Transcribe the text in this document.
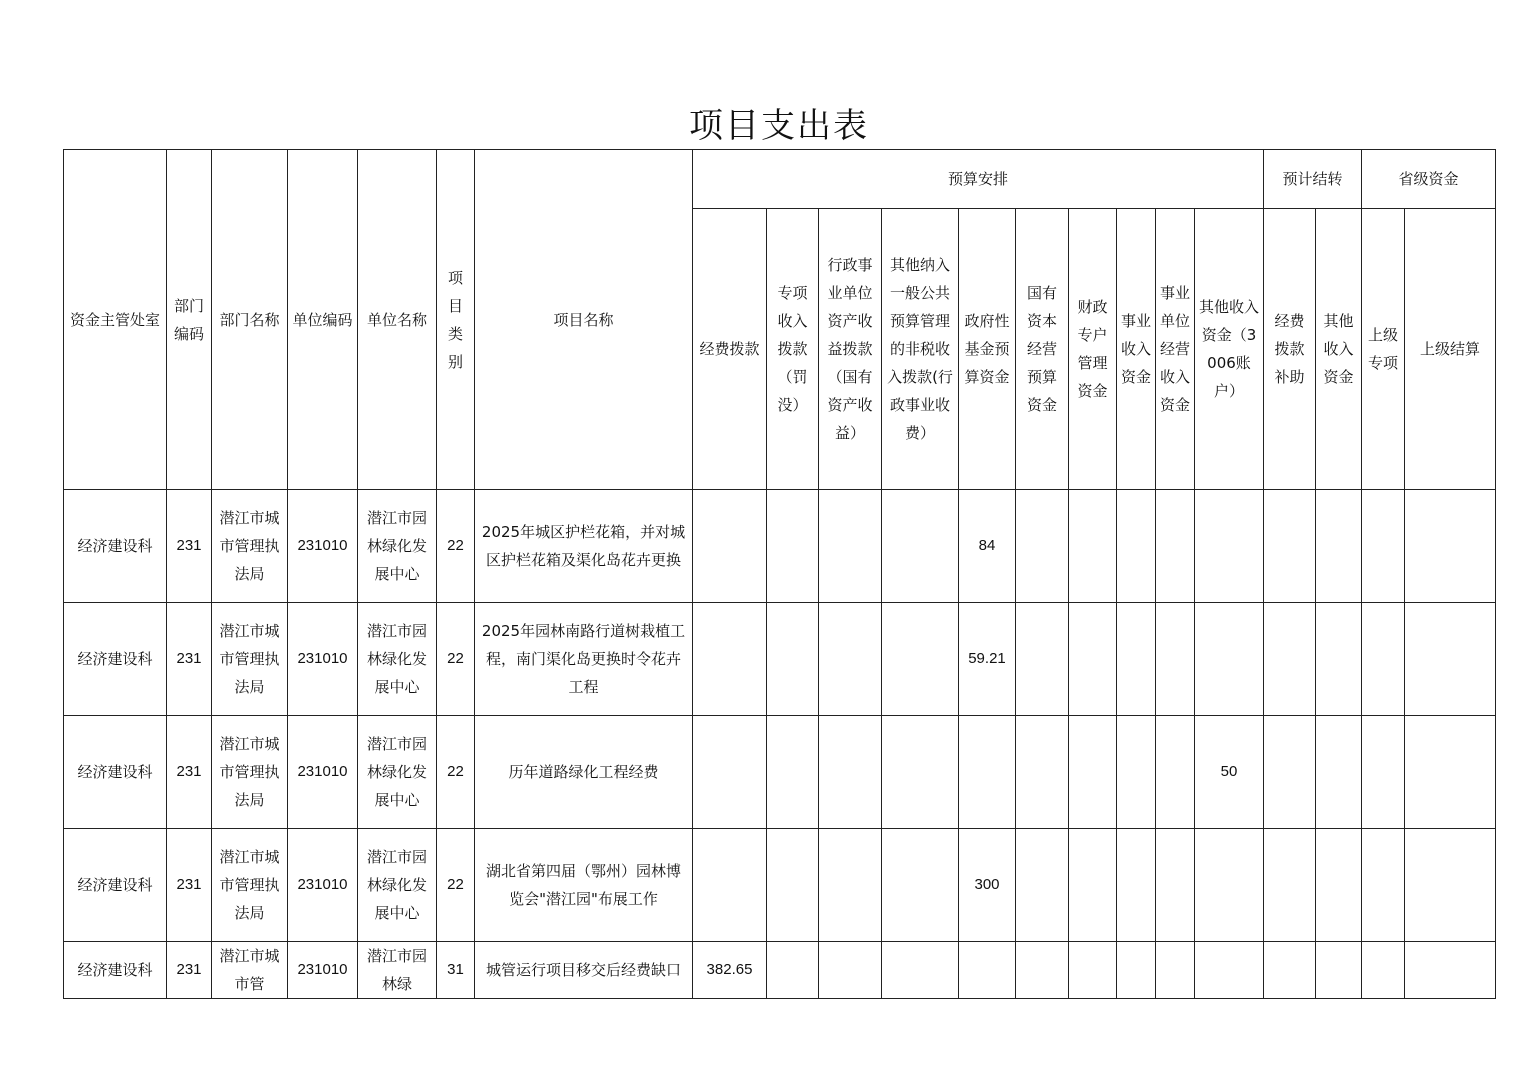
项目支出表
资金主管处室	部门编码	部门名称	单位编码	单位名称	项目类别	项目名称	预算安排										预计结转		省级资金	
							经费拨款	专项收入拨款（罚没）	行政事业单位资产收益拨款（国有资产收益）	其他纳入一般公共预算管理的非税收入拨款(行政事业收费）	政府性基金预算资金	国有资本经营预算资金	财政专户管理资金	事业收入资金	事业单位经营收入资金	其他收入资金（3006账户）	经费拨款补助	其他收入资金	上级专项	上级结算
经济建设科	231	潜江市城市管理执法局	231010	潜江市园林绿化发展中心	22	2025年城区护栏花箱，并对城区护栏花箱及渠化岛花卉更换					84									
经济建设科	231	潜江市城市管理执法局	231010	潜江市园林绿化发展中心	22	2025年园林南路行道树栽植工程，南门渠化岛更换时令花卉工程					59.21									
经济建设科	231	潜江市城市管理执法局	231010	潜江市园林绿化发展中心	22	历年道路绿化工程经费										50				
经济建设科	231	潜江市城市管理执法局	231010	潜江市园林绿化发展中心	22	湖北省第四届（鄂州）园林博览会"潜江园"布展工作					300									
经济建设科	231	潜江市城市管	231010	潜江市园林绿	31	城管运行项目移交后经费缺口	382.65													
